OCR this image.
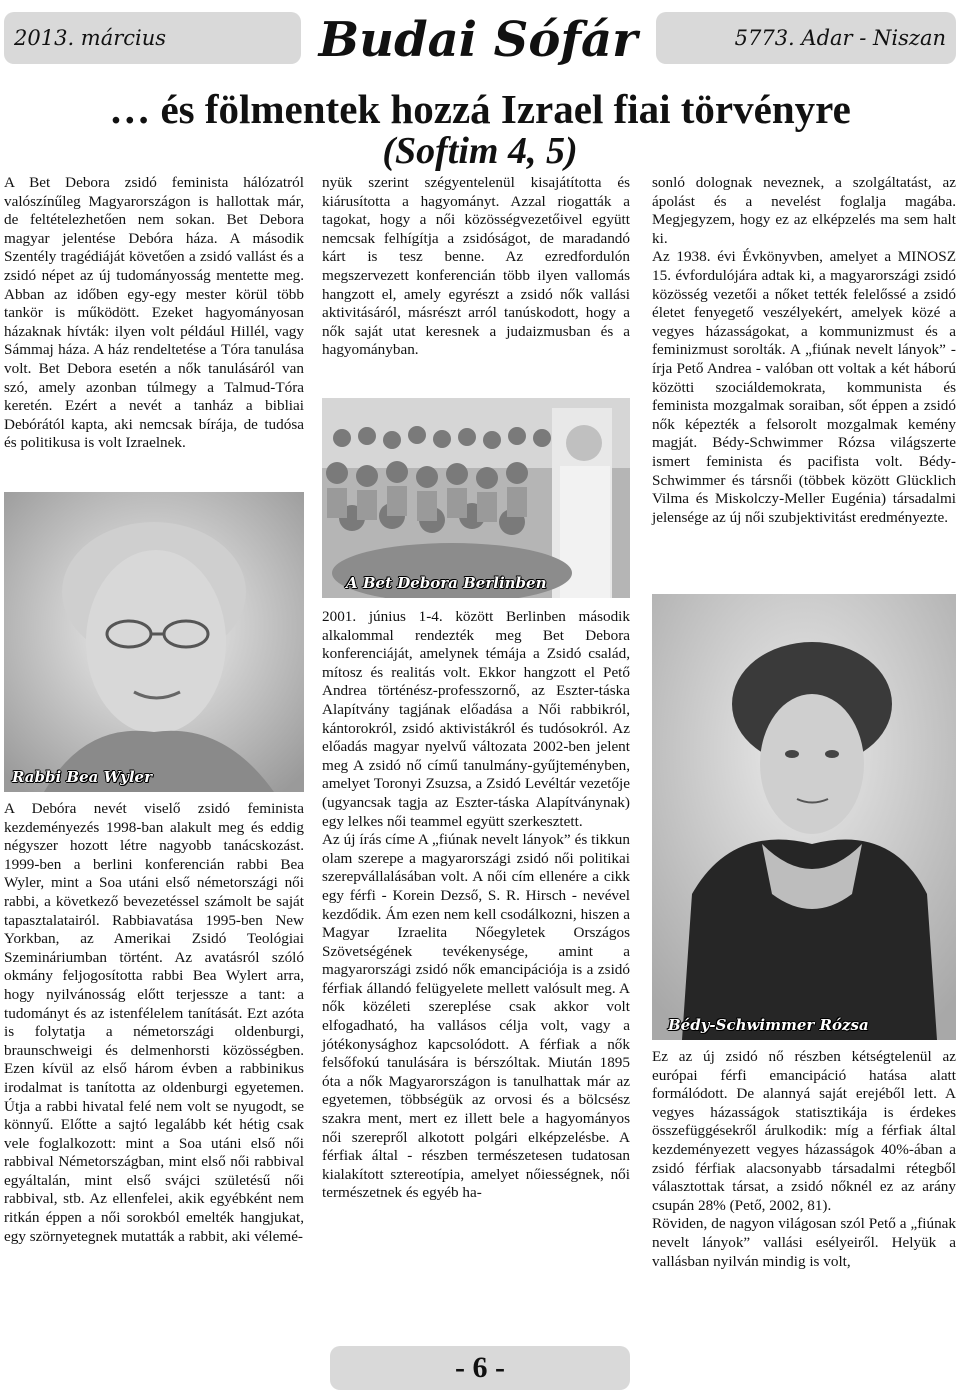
2013. március	Budai Sófár	5773. Adar - Niszan
… és fölmentek hozzá Izrael fiai törvényre
(Softim 4, 5)

A Bet Debora zsidó feminista hálózatról valószínűleg Magyarországon is hallottak már, de feltételezhetően nem sokan. Bet Debora magyar jelentése Debóra háza. A második Szentély tragédiáját követően a zsidó vallást és a zsidó népet az új tudományosság mentette meg. Abban az időben egy-egy mester körül több tankör is működött. Ezeket hagyományosan házaknak hívták: ilyen volt például Hillél, vagy Sámmaj háza. A ház rendeltetése a Tóra tanulása volt. Bet Debora esetén a nők tanulásáról van szó, amely azonban túlmegy a Talmud-Tóra keretén. Ezért a nevét a tanház a bibliai Debórától kapta, aki nemcsak bírája, de tudósa és politikusa is volt Izraelnek.

Rabbi Bea Wyler

A Debóra nevét viselő zsidó feminista kezdeményezés 1998-ban alakult meg és eddig négyszer hozott létre nagyobb tanácskozást. 1999-ben a berlini konferencián rabbi Bea Wyler, mint a Soa utáni első németországi női rabbi, a következő bevezetéssel számolt be saját tapasztalatairól. Rabbiavatása 1995-ben New Yorkban, az Amerikai Zsidó Teológiai Szemináriumban történt. Az avatásról szóló okmány feljogosította rabbi Bea Wylert arra, hogy nyilvánosság előtt terjessze a tant: a tudományt és az istenfélelem tanítását. Ezt azóta is folytatja a németországi oldenburgi, braunschweigi és delmenhorsti közösségben. Ezen kívül az első három évben a rabbinikus irodalmat is tanította az oldenburgi egyetemen. Útja a rabbi hivatal felé nem volt se nyugodt, se könnyű. Előtte a sajtó legalább két hétig csak vele foglalkozott: mint a Soa utáni első női rabbival Németországban, mint első női rabbival egyáltalán, mint első svájci születésű női rabbival, stb. Az ellenfelei, akik egyébként nem ritkán éppen a női sorokból emelték hangjukat, egy szörnyetegnek mutatták a rabbit, aki vélemé-

nyük szerint szégyentelenül kisajátította és kiárusította a hagyományt. Azzal riogatták a tagokat, hogy a női közösségvezetőivel együtt nemcsak felhígítja a zsidóságot, de maradandó kárt is tesz benne. Az ezredfordulón megszervezett konferencián több ilyen vallomás hangzott el, amely egyrészt a zsidó nők vallási aktivitásáról, másrészt arról tanúskodott, hogy a nők saját utat keresnek a judaizmusban és a hagyományban.

A Bet Debora Berlinben

2001. június 1-4. között Berlinben második alkalommal rendezték meg Bet Debora konferenciáját, amelynek témája a Zsidó család, mítosz és realitás volt. Ekkor hangzott el Pető Andrea történész-professzornő, az Eszter-táska Alapítvány tagjának előadása a Női rabbikról, kántorokról, zsidó aktivistákról és tudósokról. Az előadás magyar nyelvű változata 2002-ben jelent meg A zsidó nő című tanulmány-gyűjteményben, amelyet Toronyi Zsuzsa, a Zsidó Levéltár vezetője (ugyancsak tagja az Eszter-táska Alapítványnak) egy lelkes női teammel együtt szerkesztett.

Az új írás címe A „fiúnak nevelt lányok” és tikkun olam szerepe a magyarországi zsidó női politikai szerepvállalásában volt. A női cím ellenére a cikk egy férfi - Korein Dezső, S. R. Hirsch - nevével kezdődik. Ám ezen nem kell csodálkozni, hiszen a Magyar Izraelita Nőegyletek Országos Szövetségének tevékenysége, amint a magyarországi zsidó nők emancipációja is a zsidó férfiak állandó felügyelete mellett valósult meg. A nők közéleti szereplése csak akkor volt elfogadható, ha vallásos célja volt, vagy a jótékonysághoz kapcsolódott. A férfiak a nők felsőfokú tanulására is bérszóltak. Miután 1895 óta a nők Magyarországon is tanulhattak már az egyetemen, többségük az orvosi és a bölcsész szakra ment, mert ez illett bele a hagyományos női szerepről alkotott polgári elképzelésbe. A férfiak által - részben természetesen tudatosan kialakított sztereotípia, amelyet nőiességnek, női természetnek és egyéb ha-

sonló dolognak neveznek, a szolgáltatást, az ápolást és a nevelést foglalja magába. Megjegyzem, hogy ez az elképzelés ma sem halt ki.

Az 1938. évi Évkönyvben, amelyet a MINOSZ 15. évfordulójára adtak ki, a magyarországi zsidó közösség vezetői a nőket tették felelőssé a zsidó életet fenyegető veszélyekért, amelyek közé a vegyes házasságokat, a kommunizmust és a feminizmust sorolták. A „fiúnak nevelt lányok” - írja Pető Andrea - valóban ott voltak a két háború közötti szociáldemokrata, kommunista és feminista mozgalmak soraiban, sőt éppen a zsidó nők képezték a felsorolt mozgalmak kemény magját. Bédy-Schwimmer Rózsa világszerte ismert feminista és pacifista volt. Bédy-Schwimmer és társnői (többek között Glücklich Vilma és Miskolczy-Meller Eugénia) társadalmi jelensége az új női szubjektivitást eredményezte.

Bédy-Schwimmer Rózsa

Ez az új zsidó nő részben kétségtelenül az európai férfi emancipáció hatása alatt formálódott. De alannyá saját erejéből lett. A vegyes házasságok statisztikája is érdekes összefüggésekről árulkodik: míg a férfiak által kezdeményezett vegyes házasságok 40%-ában a zsidó férfiak alacsonyabb társadalmi rétegből választottak társat, a zsidó nőknél ez az arány csupán 28% (Pető, 2002, 81).

Röviden, de nagyon világosan szól Pető a „fiúnak nevelt lányok” vallási esélyeiről. Helyük a vallásban nyilván mindig is volt,

- 6 -
